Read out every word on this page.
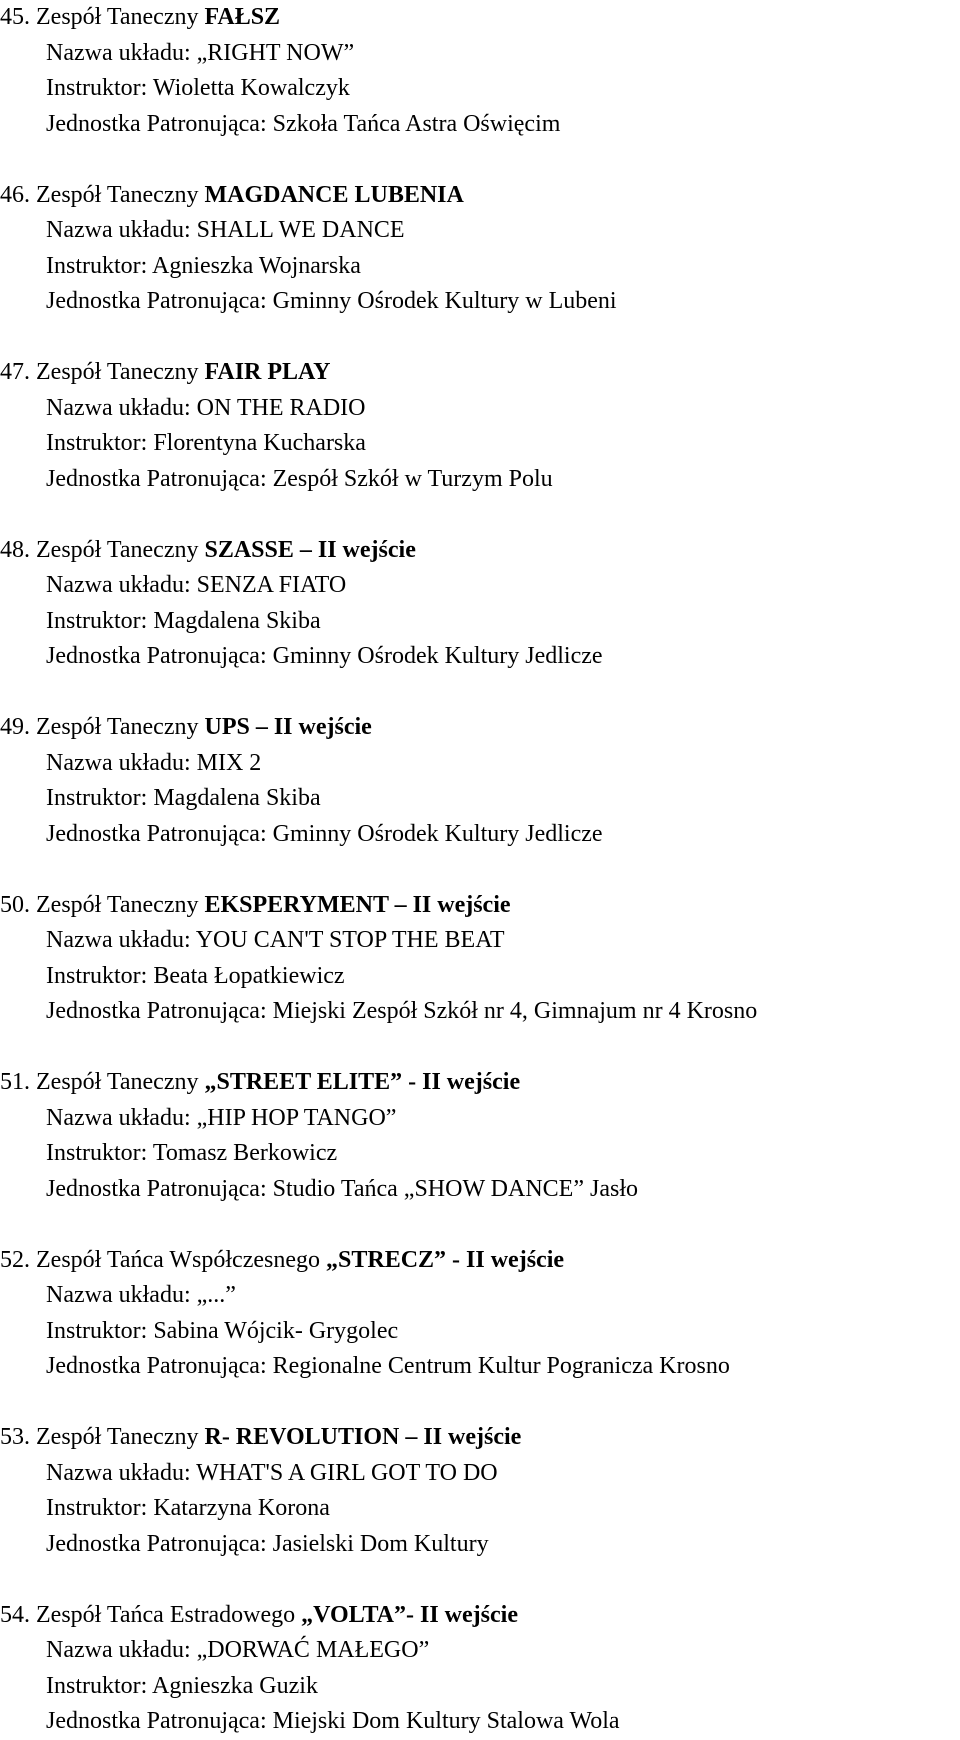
45. Zespół Taneczny FAŁSZ
Nazwa układu: „RIGHT NOW”
Instruktor: Wioletta Kowalczyk
Jednostka Patronująca: Szkoła Tańca Astra Oświęcim
46. Zespół Taneczny MAGDANCE LUBENIA
Nazwa układu: SHALL WE DANCE
Instruktor: Agnieszka Wojnarska
Jednostka Patronująca: Gminny Ośrodek Kultury w Lubeni
47. Zespół Taneczny FAIR PLAY
Nazwa układu: ON THE RADIO
Instruktor: Florentyna Kucharska
Jednostka Patronująca: Zespół Szkół w Turzym Polu
48. Zespół Taneczny SZASSE – II wejście
Nazwa układu: SENZA FIATO
Instruktor: Magdalena Skiba
Jednostka Patronująca: Gminny Ośrodek Kultury Jedlicze
49. Zespół Taneczny UPS – II wejście
Nazwa układu: MIX 2
Instruktor: Magdalena Skiba
Jednostka Patronująca: Gminny Ośrodek Kultury Jedlicze
50. Zespół Taneczny EKSPERYMENT – II wejście
Nazwa układu: YOU CAN'T STOP THE BEAT
Instruktor: Beata Łopatkiewicz
Jednostka Patronująca: Miejski Zespół Szkół nr 4, Gimnajum nr 4 Krosno
51. Zespół Taneczny „STREET ELITE” - II wejście
Nazwa układu: „HIP HOP TANGO”
Instruktor: Tomasz Berkowicz
Jednostka Patronująca: Studio Tańca „SHOW DANCE” Jasło
52. Zespół Tańca Współczesnego „STRECZ” - II wejście
Nazwa układu: „...”
Instruktor: Sabina Wójcik- Grygolec
Jednostka Patronująca: Regionalne Centrum Kultur Pogranicza Krosno
53. Zespół Taneczny R- REVOLUTION – II wejście
Nazwa układu: WHAT'S A GIRL GOT TO DO
Instruktor: Katarzyna Korona
Jednostka Patronująca: Jasielski Dom Kultury
54. Zespół Tańca Estradowego „VOLTA”- II wejście
Nazwa układu: „DORWAĆ MAŁEGO”
Instruktor: Agnieszka Guzik
Jednostka Patronująca: Miejski Dom Kultury Stalowa Wola
